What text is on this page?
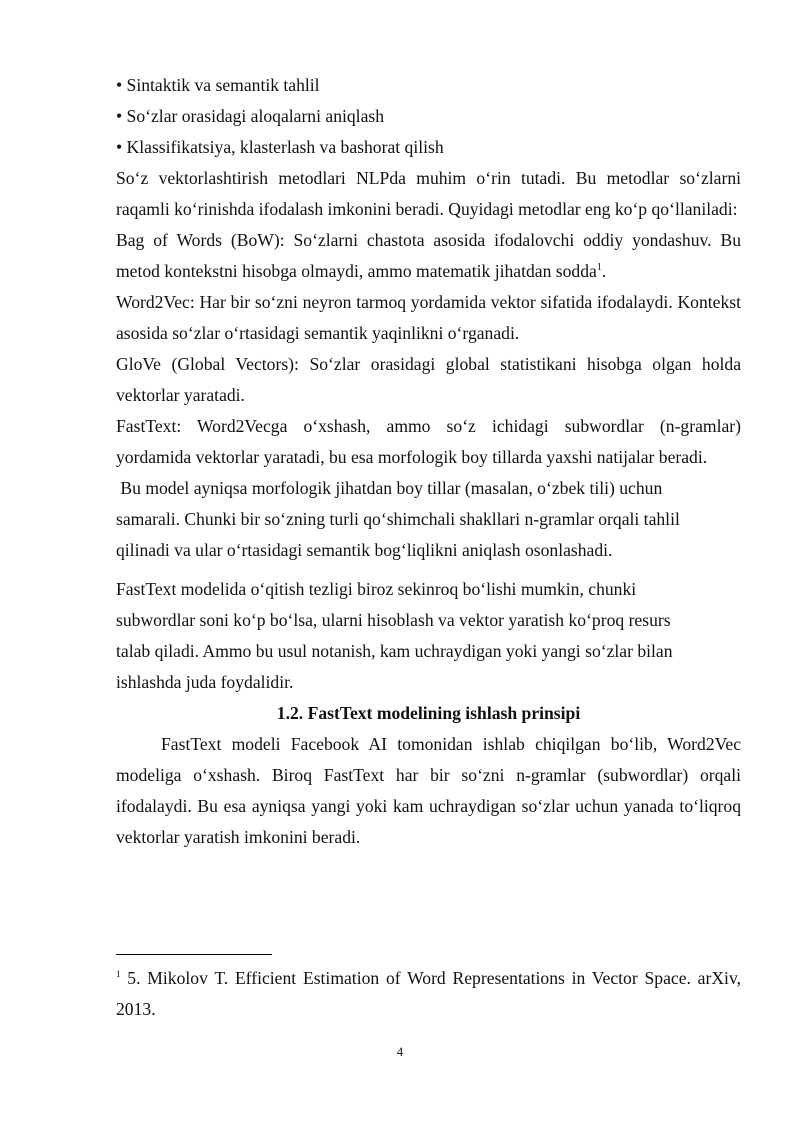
• Sintaktik va semantik tahlil

• So‘zlar orasidagi aloqalarni aniqlash

• Klassifikatsiya, klasterlash va bashorat qilish

So‘z vektorlashtirish metodlari NLPda muhim o‘rin tutadi. Bu metodlar so‘zlarni raqamli ko‘rinishda ifodalash imkonini beradi. Quyidagi metodlar eng ko‘p qo‘llaniladi:

Bag of Words (BoW): So‘zlarni chastota asosida ifodalovchi oddiy yondashuv. Bu metod kontekstni hisobga olmaydi, ammo matematik jihatdan sodda$^1$.

Word2Vec: Har bir so‘zni neyron tarmoq yordamida vektor sifatida ifodalaydi. Kontekst asosida so‘zlar o‘rtasidagi semantik yaqinlikni o‘rganadi.

GloVe (Global Vectors): So‘zlar orasidagi global statistikani hisobga olgan holda vektorlar yaratadi.

FastText: Word2Vecga o‘xshash, ammo so‘z ichidagi subwordlar (n-gramlar)

yordamida vektorlar yaratadi, bu esa morfologik boy tillarda yaxshi natijalar beradi.

Bu model ayniqsa morfologik jihatdan boy tillar (masalan, o‘zbek tili) uchun

samarali. Chunki bir so‘zning turli qo‘shimchali shakllari n-gramlar orqali tahlil

qilinadi va ular o‘rtasidagi semantik bog‘liqlikni aniqlash osonlashadi.

FastText modelida o‘qitish tezligi biroz sekinroq bo‘lishi mumkin, chunki

subwordlar soni ko‘p bo‘lsa, ularni hisoblash va vektor yaratish ko‘proq resurs

talab qiladi. Ammo bu usul notanish, kam uchraydigan yoki yangi so‘zlar bilan

ishlashda juda foydalidir.

1.2. FastText modelining ishlash prinsipi

FastText modeli Facebook AI tomonidan ishlab chiqilgan bo‘lib, Word2Vec modeliga o‘xshash. Biroq FastText har bir so‘zni n-gramlar (subwordlar) orqali ifodalaydi. Bu esa ayniqsa yangi yoki kam uchraydigan so‘zlar uchun yanada to‘liqroq vektorlar yaratish imkonini beradi.

$^1$ 5. Mikolov T. Efficient Estimation of Word Representations in Vector Space. arXiv, 2013.

4
